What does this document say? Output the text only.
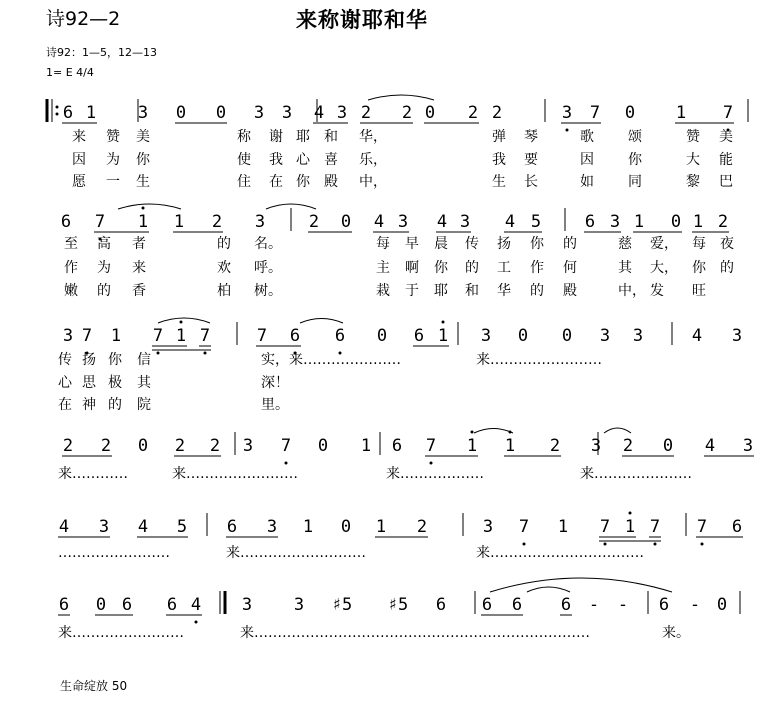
诗92—2	来称谢耶和华
诗92：1—5，12—13
1= E 4/4
6 1 3 0 0 3 3 4 3 2 2 0 2 2	3 7 0 1 7
来 赞 美	称 谢 耶 和 华，	弹 琴	歌 颂	赞 美
因 为 你	使 我 心 喜 乐，	我 要	因 你	大 能
愿 一 生	住 在 你 殿 中，	生 长	如 同	黎 巴
6 7 1 1 2 3	2 0 4 3 4 3 4 5	6 3 1 0 1 2
至 高 者	的 名。	每 早 晨 传 扬 你 的	慈 爱， 每 夜
作 为 来	欢 呼。	主 啊 你 的 工 作 何	其 大， 你 的
嫩 的 香	柏 树。	栽 于 耶 和 华 的 殿	中， 发 旺
3 7 1 7 1 7	7 6 6 0 6 1 3 0 0 3 3	4 3
传 扬 你 信	实，来…………………	来……………………
心 思 极 其	深！
在 神 的 院	里。
2 2 0 2 2 3 7 0 1 6 7 1 1 2 3 2 0 4 3
来…………	来……………………	来………………	来…………………
4 3 4 5 6 3 1 0 1 2	3 7 1 7 1 7 7 6
……………………	来………………………	来……………………………
6 0 6 6 4 3 3 ♯5 ♯5 6 6 6 6 - - 6 - 0
来……………………	来………………………………………………………………	来。
生命绽放 50
